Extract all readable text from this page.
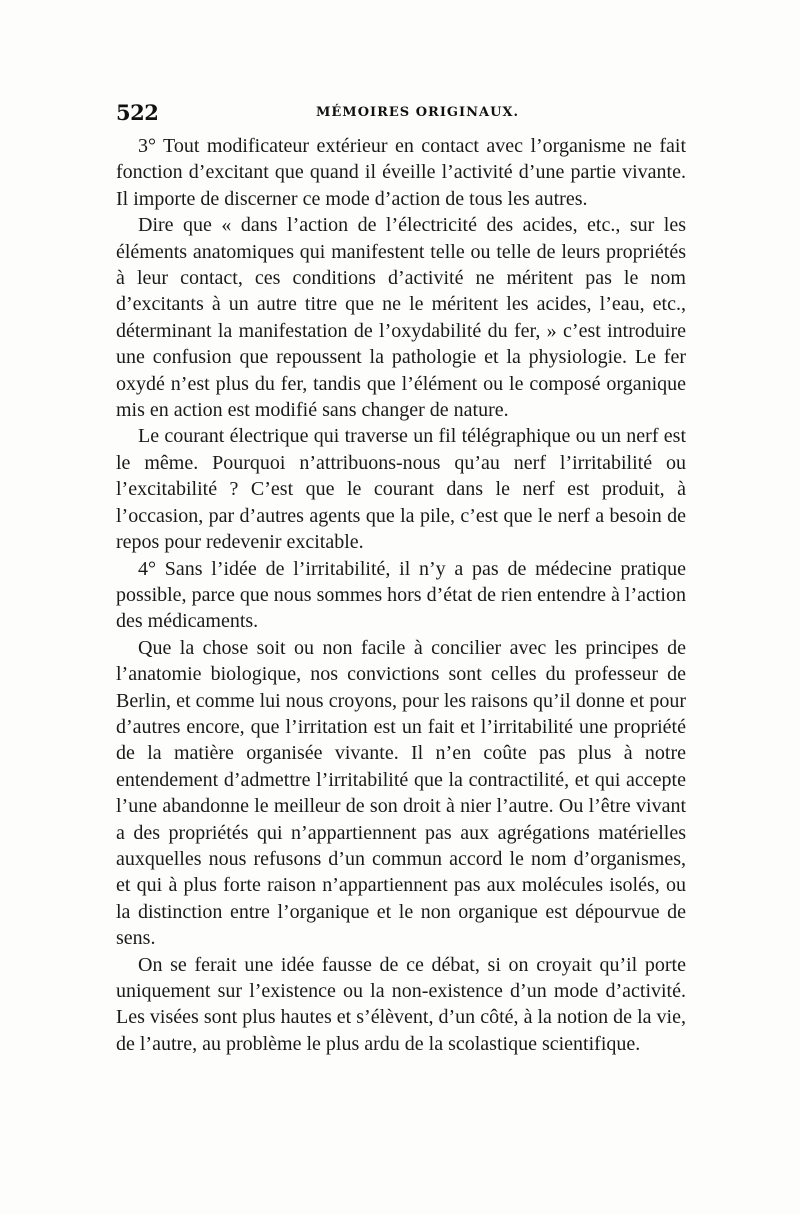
522	MÉMOIRES ORIGINAUX.

3° Tout modificateur extérieur en contact avec l’organisme ne fait fonction d’excitant que quand il éveille l’activité d’une partie vivante. Il importe de discerner ce mode d’action de tous les autres.

Dire que « dans l’action de l’électricité des acides, etc., sur les éléments anatomiques qui manifestent telle ou telle de leurs propriétés à leur contact, ces conditions d’activité ne méritent pas le nom d’excitants à un autre titre que ne le méritent les acides, l’eau, etc., déterminant la manifestation de l’oxydabilité du fer, » c’est introduire une confusion que repoussent la pathologie et la physiologie. Le fer oxydé n’est plus du fer, tandis que l’élément ou le composé organique mis en action est modifié sans changer de nature.

Le courant électrique qui traverse un fil télégraphique ou un nerf est le même. Pourquoi n’attribuons-nous qu’au nerf l’irritabilité ou l’excitabilité ? C’est que le courant dans le nerf est produit, à l’occasion, par d’autres agents que la pile, c’est que le nerf a besoin de repos pour redevenir excitable.

4° Sans l’idée de l’irritabilité, il n’y a pas de médecine pratique possible, parce que nous sommes hors d’état de rien entendre à l’action des médicaments.

Que la chose soit ou non facile à concilier avec les principes de l’anatomie biologique, nos convictions sont celles du professeur de Berlin, et comme lui nous croyons, pour les raisons qu’il donne et pour d’autres encore, que l’irritation est un fait et l’irritabilité une propriété de la matière organisée vivante. Il n’en coûte pas plus à notre entendement d’admettre l’irritabilité que la contractilité, et qui accepte l’une abandonne le meilleur de son droit à nier l’autre. Ou l’être vivant a des propriétés qui n’appartiennent pas aux agrégations matérielles auxquelles nous refusons d’un commun accord le nom d’organismes, et qui à plus forte raison n’appartiennent pas aux molécules isolés, ou la distinction entre l’organique et le non organique est dépourvue de sens.

On se ferait une idée fausse de ce débat, si on croyait qu’il porte uniquement sur l’existence ou la non-existence d’un mode d’activité. Les visées sont plus hautes et s’élèvent, d’un côté, à la notion de la vie, de l’autre, au problème le plus ardu de la scolastique scientifique.
